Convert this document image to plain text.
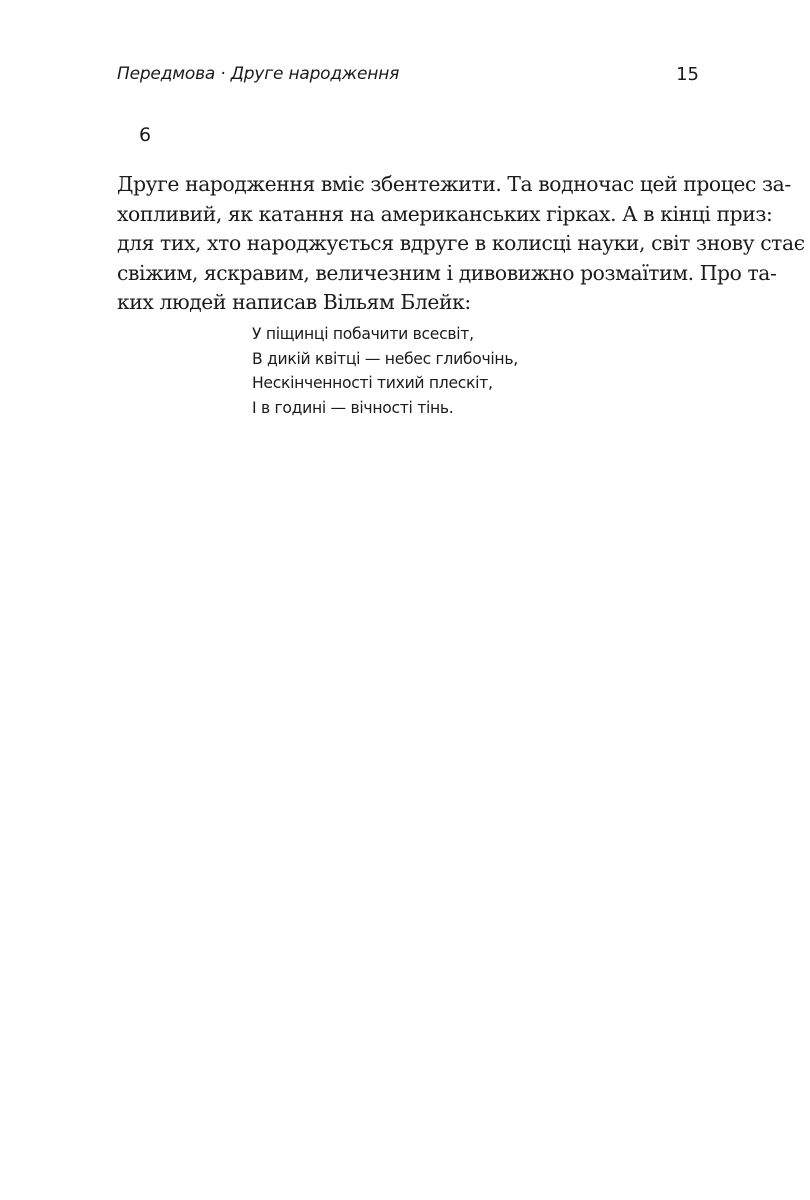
Передмова · Друге народження	15
6

Друге народження вміє збентежити. Та водночас цей процес за-
хопливий, як катання на американських гірках. А в кінці приз:
для тих, хто народжується вдруге в колисці науки, світ знову стає
свіжим, яскравим, величезним і дивовижно розмаїтим. Про та-
ких людей написав Вільям Блейк:

У піщинці побачити всесвіт,
В дикій квітці — небес глибочінь,
Нескінченності тихий плескіт,
І в годині — вічності тінь.
